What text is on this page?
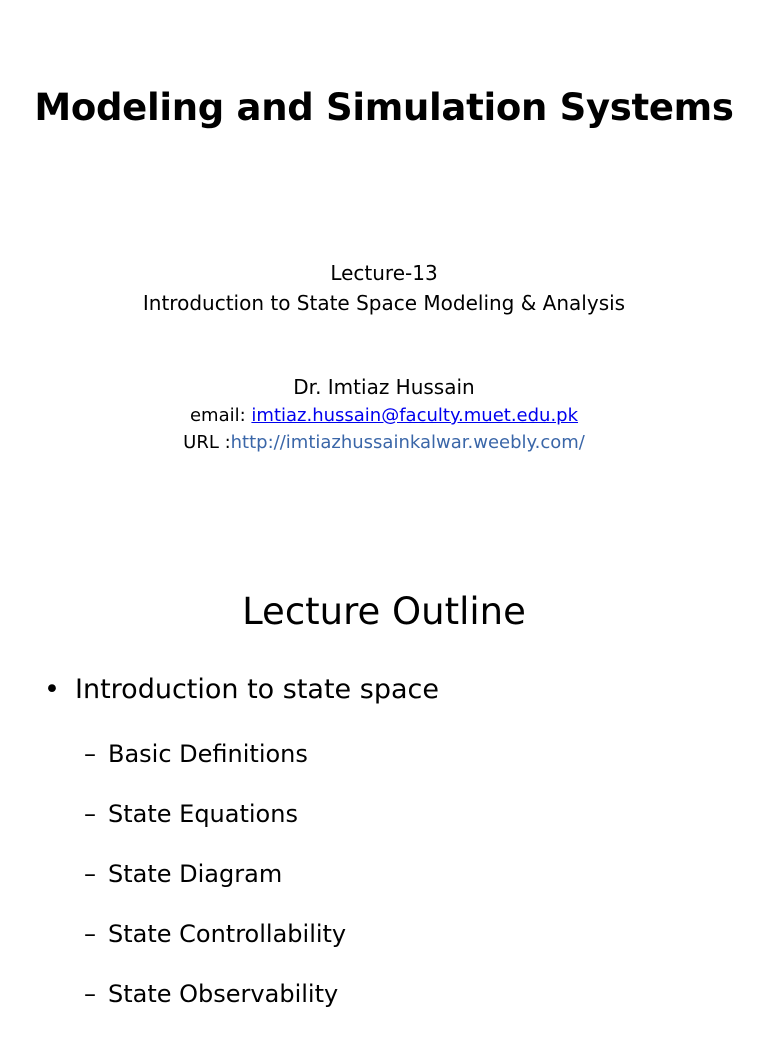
Modeling and Simulation Systems
Lecture-13
Introduction to State Space Modeling & Analysis
Dr. Imtiaz Hussain
email: imtiaz.hussain@faculty.muet.edu.pk
URL :http://imtiazhussainkalwar.weebly.com/
Lecture Outline
• Introduction to state space
– Basic Definitions
– State Equations
– State Diagram
– State Controllability
– State Observability
